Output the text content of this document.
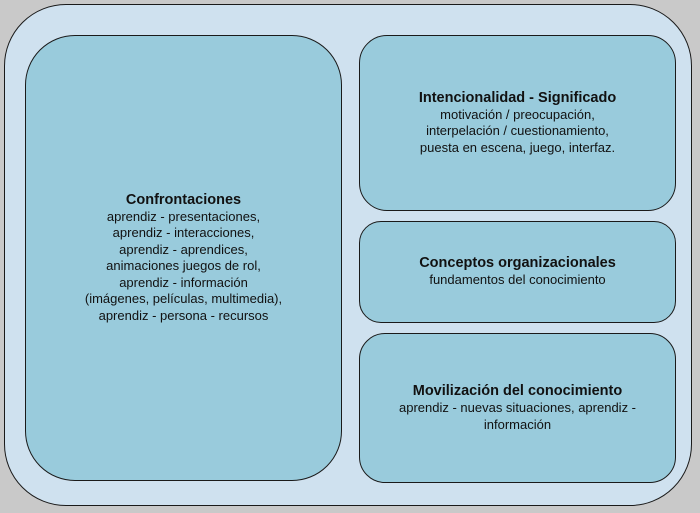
Confrontaciones
aprendiz - presentaciones,
aprendiz - interacciones,
aprendiz - aprendices,
animaciones juegos de rol,
aprendiz - información
(imágenes, películas, multimedia),
aprendiz - persona - recursos
Intencionalidad - Significado
motivación / preocupación,
interpelación / cuestionamiento,
puesta en escena, juego, interfaz.
Conceptos organizacionales
fundamentos del conocimiento
Movilización del conocimiento
aprendiz - nuevas situaciones, aprendiz -
información
